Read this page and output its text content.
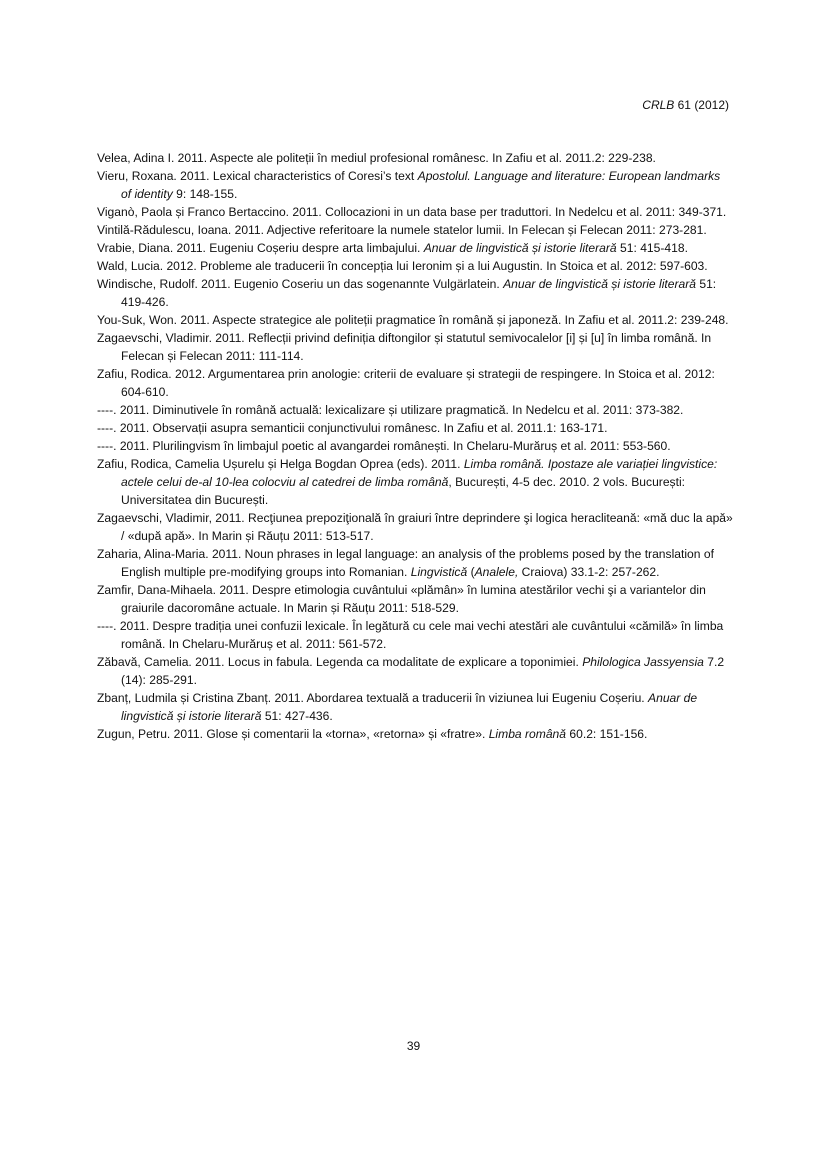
CRLB 61 (2012)
Velea, Adina I. 2011. Aspecte ale politeții în mediul profesional românesc. In Zafiu et al. 2011.2: 229-238.
Vieru, Roxana. 2011. Lexical characteristics of Coresi’s text Apostolul. Language and literature: European landmarks of identity 9: 148-155.
Viganò, Paola și Franco Bertaccino. 2011. Collocazioni in un data base per traduttori. In Nedelcu et al. 2011: 349-371.
Vintilă-Rădulescu, Ioana. 2011. Adjective referitoare la numele statelor lumii. In Felecan și Felecan 2011: 273-281.
Vrabie, Diana. 2011. Eugeniu Coșeriu despre arta limbajului. Anuar de lingvistică și istorie literară 51: 415-418.
Wald, Lucia. 2012. Probleme ale traducerii în concepția lui Ieronim și a lui Augustin. In Stoica et al. 2012: 597-603.
Windische, Rudolf. 2011. Eugenio Coseriu un das sogenannte Vulgärlatein. Anuar de lingvistică și istorie literară 51: 419-426.
You-Suk, Won. 2011. Aspecte strategice ale politeții pragmatice în română și japoneză. In Zafiu et al. 2011.2: 239-248.
Zagaevschi, Vladimir. 2011. Reflecții privind definiția diftongilor și statutul semivocalelor [i] și [u] în limba română. In Felecan și Felecan 2011: 111-114.
Zafiu, Rodica. 2012. Argumentarea prin anologie: criterii de evaluare și strategii de respingere. In Stoica et al. 2012: 604-610.
----. 2011. Diminutivele în română actuală: lexicalizare și utilizare pragmatică. In Nedelcu et al. 2011: 373-382.
----. 2011. Observații asupra semanticii conjunctivului românesc. In Zafiu et al. 2011.1: 163-171.
----. 2011. Plurilingvism în limbajul poetic al avangardei românești. In Chelaru-Murăruș et al. 2011: 553-560.
Zafiu, Rodica, Camelia Ușurelu și Helga Bogdan Oprea (eds). 2011. Limba română. Ipostaze ale variației lingvistice: actele celui de-al 10-lea colocviu al catedrei de limba română, București, 4-5 dec. 2010. 2 vols. București: Universitatea din București.
Zagaevschi, Vladimir, 2011. Recţiunea prepoziţională în graiuri între deprindere şi logica heracliteană: «mă duc la apă» / «după apă». In Marin și Răuțu 2011: 513-517.
Zaharia, Alina-Maria. 2011. Noun phrases in legal language: an analysis of the problems posed by the translation of English multiple pre-modifying groups into Romanian. Lingvistică (Analele, Craiova) 33.1-2: 257-262.
Zamfir, Dana-Mihaela. 2011. Despre etimologia cuvântului «plămân» în lumina atestărilor vechi şi a variantelor din graiurile dacoromâne actuale. In Marin și Răuțu 2011: 518-529.
----. 2011. Despre tradiția unei confuzii lexicale. În legătură cu cele mai vechi atestări ale cuvântului «cămilă» în limba română. In Chelaru-Murăruș et al. 2011: 561-572.
Zăbavă, Camelia. 2011. Locus in fabula. Legenda ca modalitate de explicare a toponimiei. Philologica Jassyensia 7.2 (14): 285-291.
Zbanț, Ludmila și Cristina Zbanț. 2011. Abordarea textuală a traducerii în viziunea lui Eugeniu Coșeriu. Anuar de lingvistică și istorie literară 51: 427-436.
Zugun, Petru. 2011. Glose și comentarii la «torna», «retorna» și «fratre». Limba română 60.2: 151-156.
39
